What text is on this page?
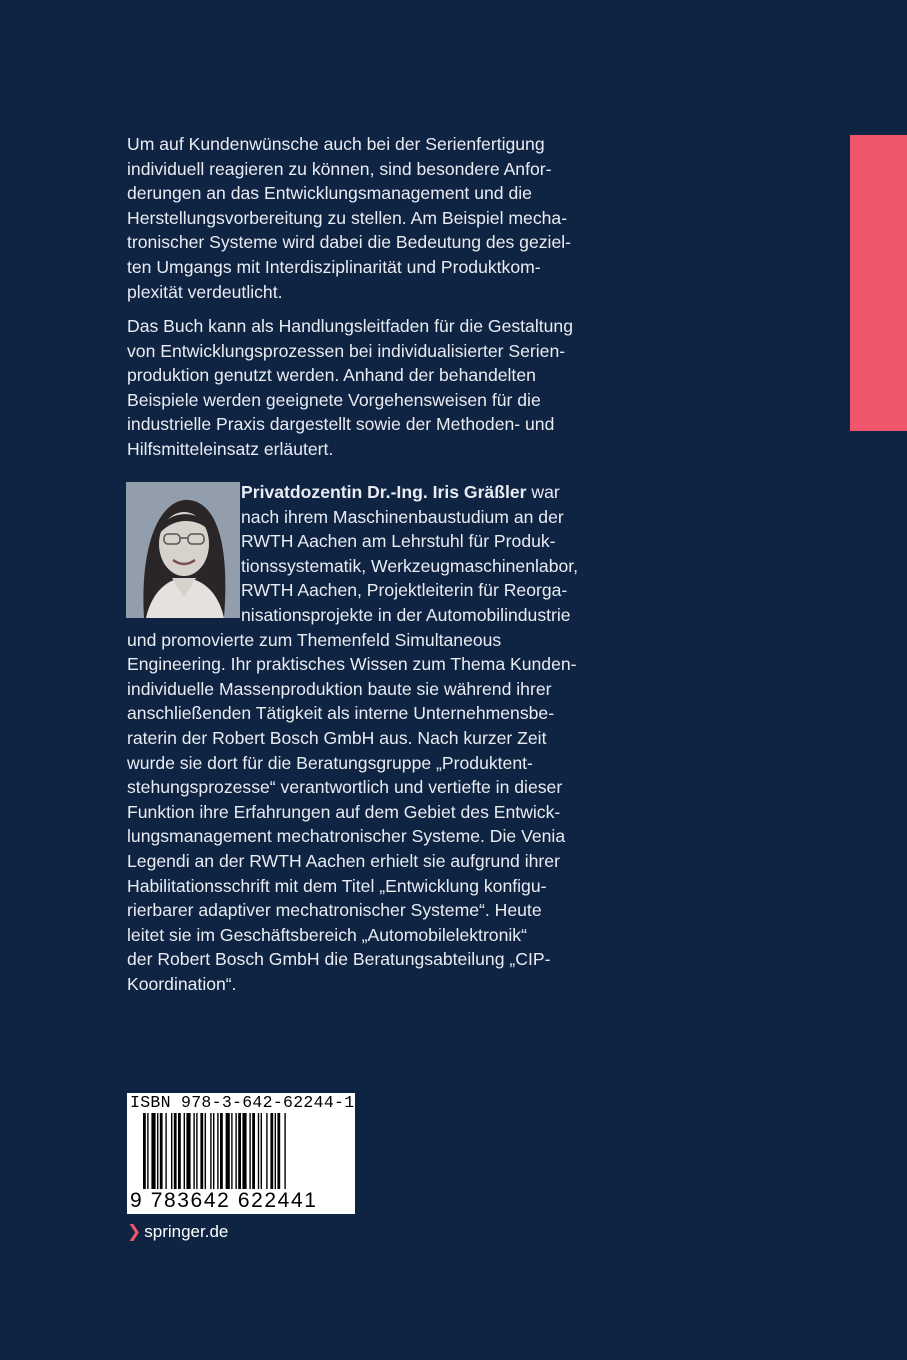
Um auf Kundenwünsche auch bei der Serienfertigung
individuell reagieren zu können, sind besondere Anfor-
derungen an das Entwicklungsmanagement und die
Herstellungsvorbereitung zu stellen. Am Beispiel mecha-
tronischer Systeme wird dabei die Bedeutung des geziel-
ten Umgangs mit Interdisziplinarität und Produktkom-
plexität verdeutlicht.

Das Buch kann als Handlungsleitfaden für die Gestaltung
von Entwicklungsprozessen bei individualisierter Serien-
produktion genutzt werden. Anhand der behandelten
Beispiele werden geeignete Vorgehensweisen für die
industrielle Praxis dargestellt sowie der Methoden- und
Hilfsmitteleinsatz erläutert.

Privatdozentin Dr.-Ing. Iris Gräßler war
nach ihrem Maschinenbaustudium an der
RWTH Aachen am Lehrstuhl für Produk-
tionssystematik, Werkzeugmaschinenlabor,
RWTH Aachen, Projektleiterin für Reorga-
nisationsprojekte in der Automobilindustrie
und promovierte zum Themenfeld Simultaneous
Engineering. Ihr praktisches Wissen zum Thema Kunden-
individuelle Massenproduktion baute sie während ihrer
anschließenden Tätigkeit als interne Unternehmensbe-
raterin der Robert Bosch GmbH aus. Nach kurzer Zeit
wurde sie dort für die Beratungsgruppe „Produktent-
stehungsprozesse“ verantwortlich und vertiefte in dieser
Funktion ihre Erfahrungen auf dem Gebiet des Entwick-
lungsmanagement mechatronischer Systeme. Die Venia
Legendi an der RWTH Aachen erhielt sie aufgrund ihrer
Habilitationsschrift mit dem Titel „Entwicklung konfigu-
rierbarer adaptiver mechatronischer Systeme“. Heute
leitet sie im Geschäftsbereich „Automobilelektronik“
der Robert Bosch GmbH die Beratungsabteilung „CIP-
Koordination“.

ISBN 978-3-642-62244-1
9 783642 622441
❯ springer.de
